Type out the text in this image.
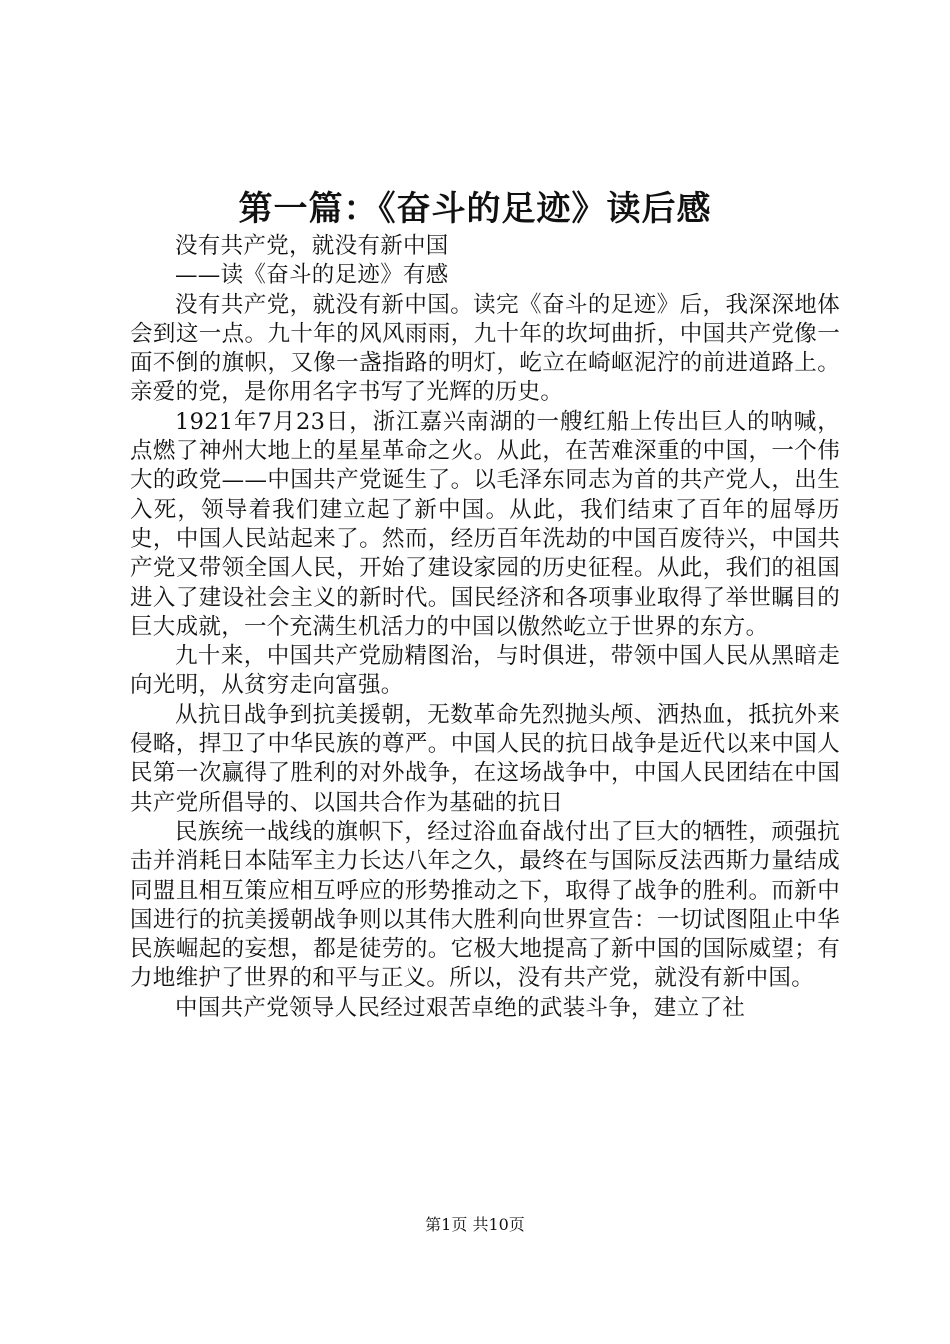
第一篇：《奋斗的足迹》读后感

没有共产党，就没有新中国

——读《奋斗的足迹》有感

没有共产党，就没有新中国。读完《奋斗的足迹》后，我深深地体会到这一点。九十年的风风雨雨，九十年的坎坷曲折，中国共产党像一面不倒的旗帜，又像一盏指路的明灯，屹立在崎岖泥泞的前进道路上。亲爱的党，是你用名字书写了光辉的历史。

1921年7月23日，浙江嘉兴南湖的一艘红船上传出巨人的呐喊，点燃了神州大地上的星星革命之火。从此，在苦难深重的中国，一个伟大的政党——中国共产党诞生了。以毛泽东同志为首的共产党人，出生入死，领导着我们建立起了新中国。从此，我们结束了百年的屈辱历史，中国人民站起来了。然而，经历百年洗劫的中国百废待兴，中国共产党又带领全国人民，开始了建设家园的历史征程。从此，我们的祖国进入了建设社会主义的新时代。国民经济和各项事业取得了举世瞩目的巨大成就，一个充满生机活力的中国以傲然屹立于世界的东方。

九十来，中国共产党励精图治，与时俱进，带领中国人民从黑暗走向光明，从贫穷走向富强。

从抗日战争到抗美援朝，无数革命先烈抛头颅、洒热血，抵抗外来侵略，捍卫了中华民族的尊严。中国人民的抗日战争是近代以来中国人民第一次赢得了胜利的对外战争，在这场战争中，中国人民团结在中国共产党所倡导的、以国共合作为基础的抗日

民族统一战线的旗帜下，经过浴血奋战付出了巨大的牺牲，顽强抗击并消耗日本陆军主力长达八年之久，最终在与国际反法西斯力量结成同盟且相互策应相互呼应的形势推动之下，取得了战争的胜利。而新中国进行的抗美援朝战争则以其伟大胜利向世界宣告：一切试图阻止中华民族崛起的妄想，都是徒劳的。它极大地提高了新中国的国际威望；有力地维护了世界的和平与正义。所以，没有共产党，就没有新中国。

中国共产党领导人民经过艰苦卓绝的武装斗争，建立了社

第1页 共10页
